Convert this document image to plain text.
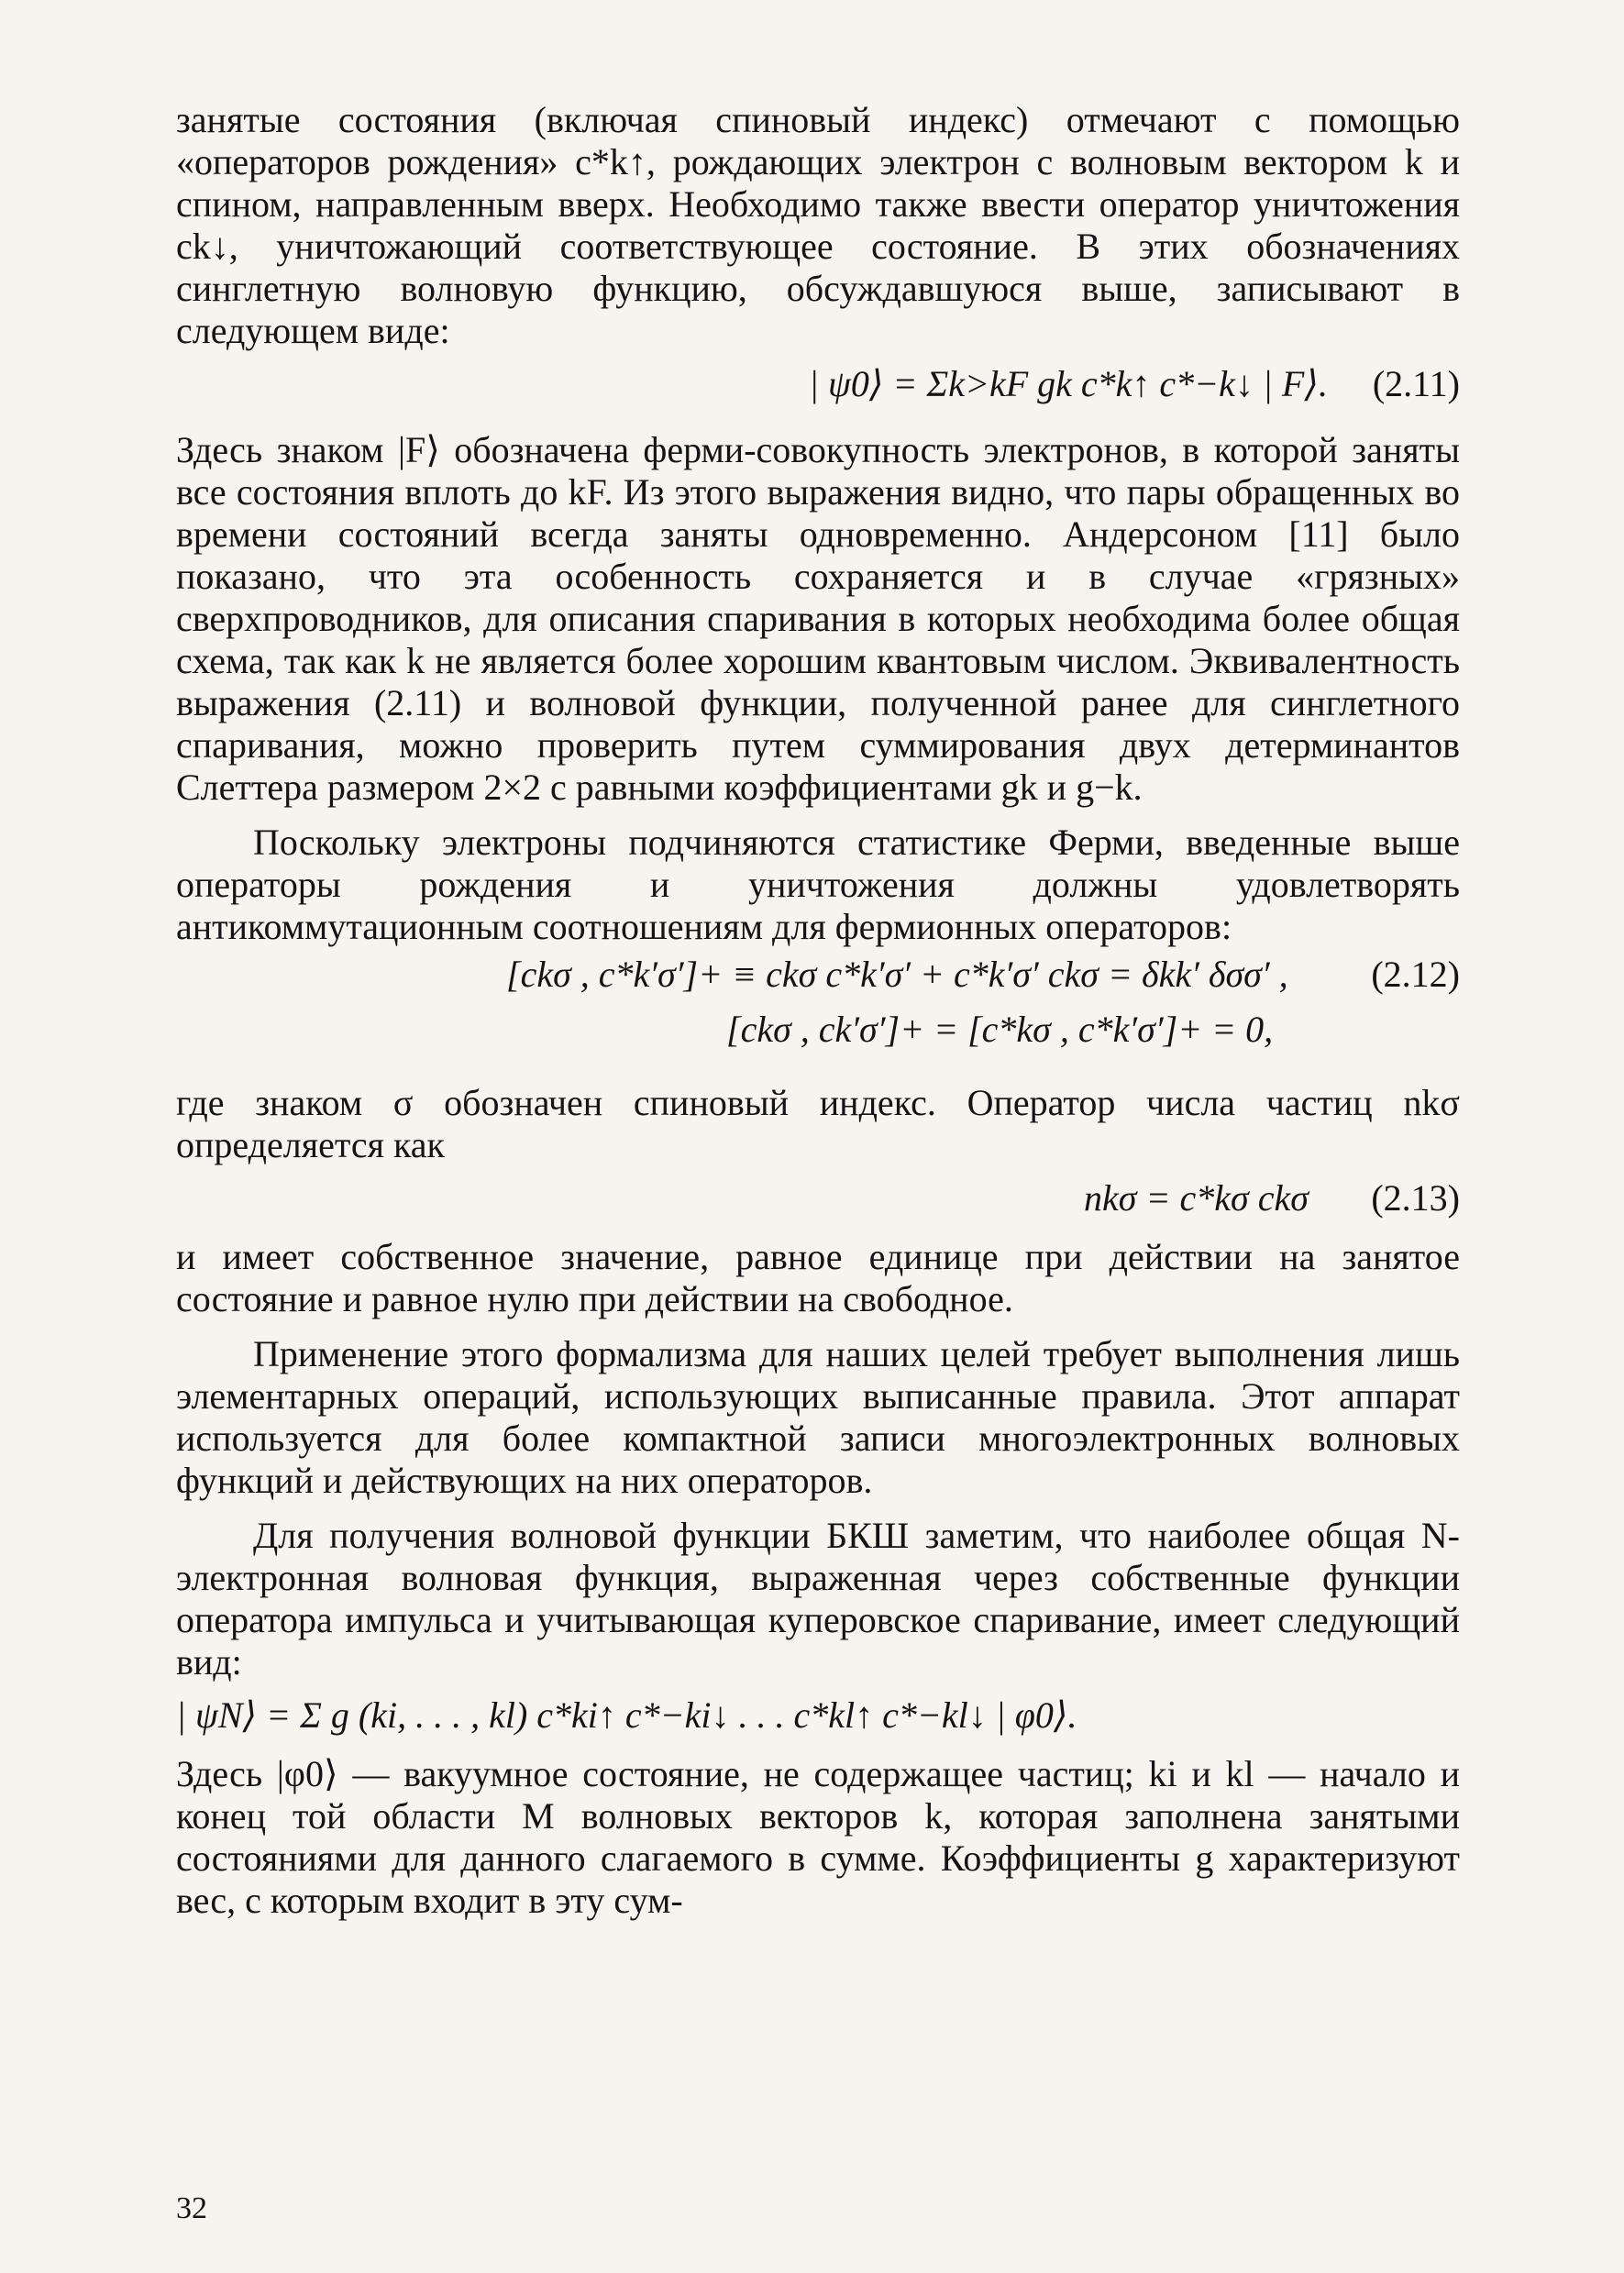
занятые состояния (включая спиновый индекс) отмечают с помощью «операторов рождения» c*k↑, рождающих электрон с волновым вектором k и спином, направленным вверх. Необходимо также ввести оператор уничтожения ck↓, уничтожающий соответствующее состояние. В этих обозначениях синглетную волновую функцию, обсуждавшуюся выше, записывают в следующем виде:

| ψ0⟩ = Σk>kF gk c*k↑ c*−k↓ | F⟩. (2.11)

Здесь знаком |F⟩ обозначена ферми-совокупность электронов, в которой заняты все состояния вплоть до kF. Из этого выражения видно, что пары обращенных во времени состояний всегда заняты одновременно. Андерсоном [11] было показано, что эта особенность сохраняется и в случае «грязных» сверхпроводников, для описания спаривания в которых необходима более общая схема, так как k не является более хорошим квантовым числом. Эквивалентность выражения (2.11) и волновой функции, полученной ранее для синглетного спаривания, можно проверить путем суммирования двух детерминантов Слеттера размером 2×2 с равными коэффициентами gk и g−k.

Поскольку электроны подчиняются статистике Ферми, введенные выше операторы рождения и уничтожения должны удовлетворять антикоммутационным соотношениям для фермионных операторов:

[ckσ , c*k′σ′]+ ≡ ckσ c*k′σ′ + c*k′σ′ ckσ = δkk′ δσσ′ , (2.12)
[ckσ , ck′σ′]+ = [c*kσ , c*k′σ′]+ = 0,

где знаком σ обозначен спиновый индекс. Оператор числа частиц nkσ определяется как

nkσ = c*kσ ckσ (2.13)

и имеет собственное значение, равное единице при действии на занятое состояние и равное нулю при действии на свободное.

Применение этого формализма для наших целей требует выполнения лишь элементарных операций, использующих выписанные правила. Этот аппарат используется для более компактной записи многоэлектронных волновых функций и действующих на них операторов.

Для получения волновой функции БКШ заметим, что наиболее общая N-электронная волновая функция, выраженная через собственные функции оператора импульса и учитывающая куперовское спаривание, имеет следующий вид:

| ψN⟩ = Σ g (ki, . . . , kl) c*ki↑ c*−ki↓ . . . c*kl↑ c*−kl↓ | φ0⟩.

Здесь |φ0⟩ — вакуумное состояние, не содержащее частиц; ki и kl — начало и конец той области M волновых векторов k, которая заполнена занятыми состояниями для данного слагаемого в сумме. Коэффициенты g характеризуют вес, с которым входит в эту сум-

32
